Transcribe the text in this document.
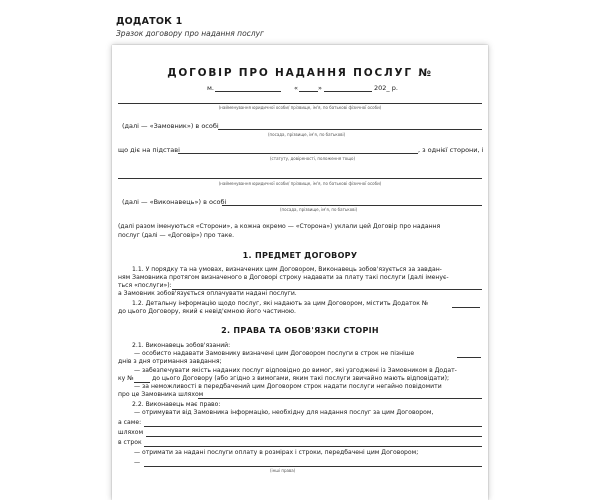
ДОДАТОК 1
Зразок договору про надання послуг
ДОГОВІР ПРО НАДАННЯ ПОСЛУГ №
м.	«	»	202_ р.
(найменування юридичної особи/ прізвище, ім'я, по батькові фізичної особи)
(далі — «Замовник») в особі
(посада, прізвище, ім'я, по батькові)
що діє на підставі	, з однієї сторони, і
(статуту, довіреності, положення тощо)
(найменування юридичної особи/ прізвище, ім'я, по батькові фізичної особи)
(далі — «Виконавець») в особі
(посада, прізвище, ім'я, по батькові)
(далі разом іменуються «Сторони», а кожна окремо — «Сторона») уклали цей Договір про надання
послуг (далі — «Договір») про таке.
1. ПРЕДМЕТ ДОГОВОРУ
1.1. У порядку та на умовах, визначених цим Договором, Виконавець зобов'язується за завдан-
ням Замовника протягом визначеного в Договорі строку надавати за плату такі послуги (далі іменує-
ться «послуги»):
а Замовник зобов'язується оплачувати надані послуги.
1.2. Детальну інформацію щодо послуг, які надають за цим Договором, містить Додаток №
до цього Договору, який є невід'ємною його частиною.
2. ПРАВА ТА ОБОВ'ЯЗКИ СТОРІН
2.1. Виконавець зобов'язаний:
— особисто надавати Замовнику визначені цим Договором послуги в строк не пізніше
днів з дня отримання завдання;
— забезпечувати якість наданих послуг відповідно до вимог, які узгоджені із Замовником в Додат-
ку №	до цього Договору (або згідно з вимогами, яким такі послуги звичайно мають відповідати);
— за неможливості в передбачений цим Договором строк надати послуги негайно повідомити
про це Замовника шляхом
2.2. Виконавець має право:
— отримувати від Замовника інформацію, необхідну для надання послуг за цим Договором,
а саме:
шляхом
в строк
— отримати за надані послуги оплату в розмірах і строки, передбачені цим Договором;
—
(інші права)
